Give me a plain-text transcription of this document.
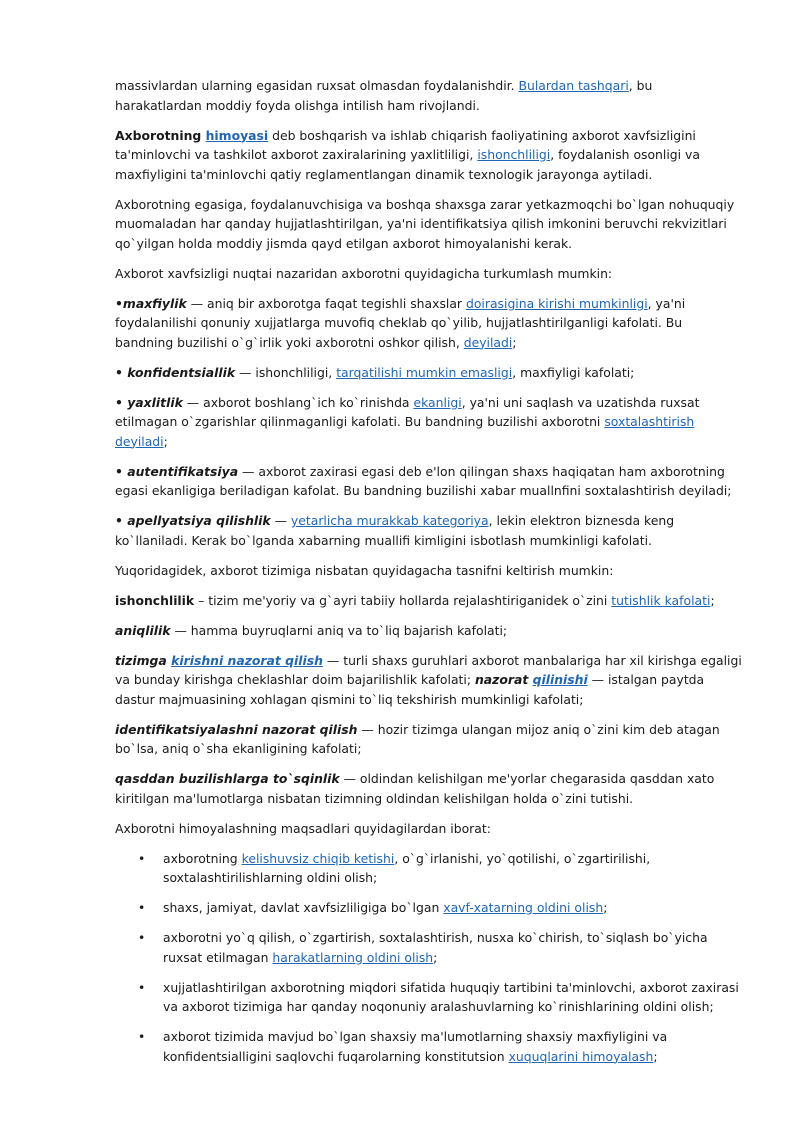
massivlardan ularning egasidan ruxsat olmasdan foydalanishdir. Bulardan tashqari, bu harakatlardan moddiy foyda olishga intilish ham rivojlandi.

Axborotning himoyasi deb boshqarish va ishlab chiqarish faoliyatining axborot xavfsizligini ta'minlovchi va tashkilot axborot zaxiralarining yaxlitliligi, ishonchliligi, foydalanish osonligi va maxfiyligini ta'minlovchi qatiy reglamentlangan dinamik texnologik jarayonga aytiladi.

Axborotning egasiga, foydalanuvchisiga va boshqa shaxsga zarar yetkazmoqchi bo`lgan nohuquqiy muomaladan har qanday hujjatlashtirilgan, ya'ni identifikatsiya qilish imkonini beruvchi rekvizitlari qo`yilgan holda moddiy jismda qayd etilgan axborot himoyalanishi kerak.

Axborot xavfsizligi nuqtai nazaridan axborotni quyidagicha turkumlash mumkin:

•maxfiylik — aniq bir axborotga faqat tegishli shaxslar doirasigina kirishi mumkinligi, ya'ni foydalanilishi qonuniy xujjatlarga muvofiq cheklab qo`yilib, hujjatlashtirilganligi kafolati. Bu bandning buzilishi o`g`irlik yoki axborotni oshkor qilish, deyiladi;

• konfidentsiallik — ishonchliligi, tarqatilishi mumkin emasligi, maxfiyligi kafolati;

• yaxlitlik — axborot boshlang`ich ko`rinishda ekanligi, ya'ni uni saqlash va uzatishda ruxsat etilmagan o`zgarishlar qilinmaganligi kafolati. Bu bandning buzilishi axborotni soxtalashtirish deyiladi;

• autentifikatsiya — axborot zaxirasi egasi deb e'lon qilingan shaxs haqiqatan ham axborotning egasi ekanligiga beriladigan kafolat. Bu bandning buzilishi xabar muallnfini soxtalashtirish deyiladi;

• apellyatsiya qilishlik — yetarlicha murakkab kategoriya, lekin elektron biznesda keng ko`llaniladi. Kerak bo`lganda xabarning muallifi kimligini isbotlash mumkinligi kafolati.

Yuqoridagidek, axborot tizimiga nisbatan quyidagacha tasnifni keltirish mumkin:

ishonchlilik – tizim me'yoriy va g`ayri tabiiy hollarda rejalashtiriganidek o`zini tutishlik kafolati;

aniqlilik — hamma buyruqlarni aniq va to`liq bajarish kafolati;

tizimga kirishni nazorat qilish — turli shaxs guruhlari axborot manbalariga har xil kirishga egaligi va bunday kirishga cheklashlar doim bajarilishlik kafolati; nazorat qilinishi — istalgan paytda dastur majmuasining xohlagan qismini to`liq tekshirish mumkinligi kafolati;

identifikatsiyalashni nazorat qilish — hozir tizimga ulangan mijoz aniq o`zini kim deb atagan bo`lsa, aniq o`sha ekanligining kafolati;

qasddan buzilishlarga to`sqinlik — oldindan kelishilgan me'yorlar chegarasida qasddan xato kiritilgan ma'lumotlarga nisbatan tizimning oldindan kelishilgan holda o`zini tutishi.

Axborotni himoyalashning maqsadlari quyidagilardan iborat:

• axborotning kelishuvsiz chiqib ketishi, o`g`irlanishi, yo`qotilishi, o`zgartirilishi, soxtalashtirilishlarning oldini olish;
• shaxs, jamiyat, davlat xavfsizliligiga bo`lgan xavf-xatarning oldini olish;
• axborotni yo`q qilish, o`zgartirish, soxtalashtirish, nusxa ko`chirish, to`siqlash bo`yicha ruxsat etilmagan harakatlarning oldini olish;
• xujjatlashtirilgan axborotning miqdori sifatida huquqiy tartibini ta'minlovchi, axborot zaxirasi va axborot tizimiga har qanday noqonuniy aralashuvlarning ko`rinishlarining oldini olish;
• axborot tizimida mavjud bo`lgan shaxsiy ma'lumotlarning shaxsiy maxfiyligini va konfidentsialligini saqlovchi fuqarolarning konstitutsion xuquqlarini himoyalash;
